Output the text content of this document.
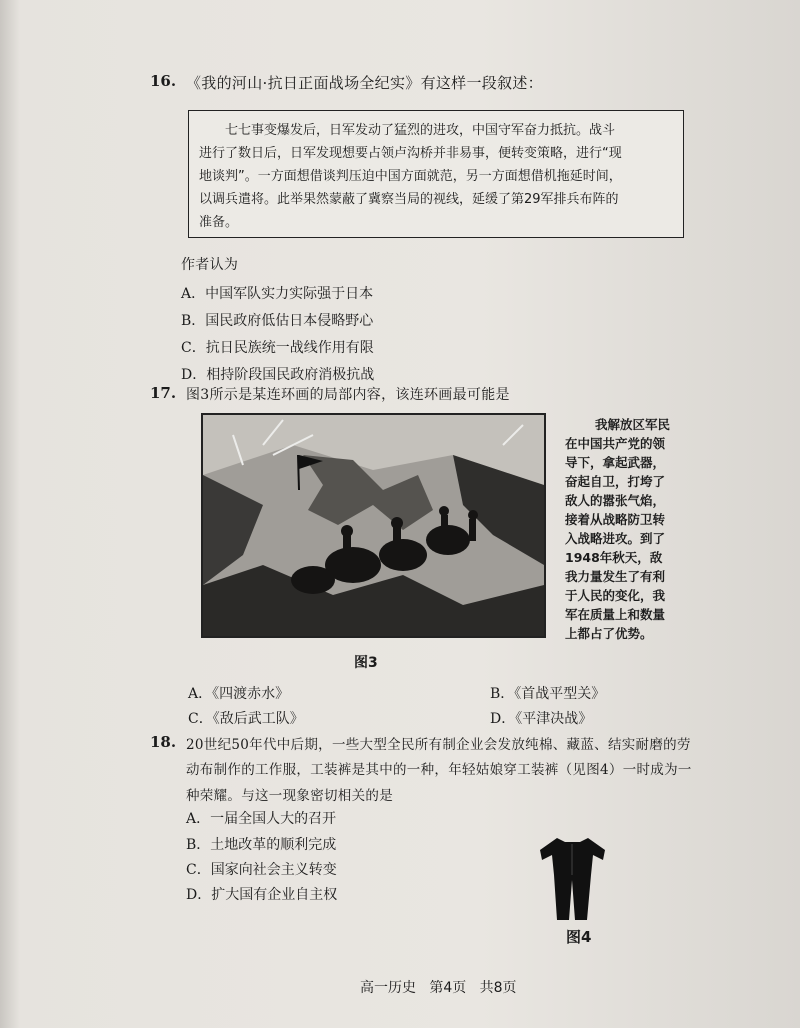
16. 《我的河山·抗日正面战场全纪实》有这样一段叙述：

七七事变爆发后，日军发动了猛烈的进攻，中国守军奋力抵抗。战斗

进行了数日后，日军发现想要占领卢沟桥并非易事，便转变策略，进行“现
地谈判”。一方面想借谈判压迫中国方面就范，另一方面想借机拖延时间，
以调兵遣将。此举果然蒙蔽了冀察当局的视线，延缓了第29军排兵布阵的
准备。
作者认为
A．中国军队实力实际强于日本
B．国民政府低估日本侵略野心
C．抗日民族统一战线作用有限
D．相持阶段国民政府消极抗战
17. 图3所示是某连环画的局部内容，该连环画最可能是
我解放区军民
在中国共产党的领
导下，拿起武器，
奋起自卫，打垮了
敌人的嚣张气焰，
接着从战略防卫转
入战略进攻。到了
1948年秋天，敌
我力量发生了有利
于人民的变化，我
军在质量上和数量
上都占了优势。
图3
A．《四渡赤水》	B．《首战平型关》
C．《敌后武工队》	D．《平津决战》
18. 20世纪50年代中后期，一些大型全民所有制企业会发放纯棉、藏蓝、结实耐磨的劳
动布制作的工作服，工装裤是其中的一种，年轻姑娘穿工装裤（见图4）一时成为一
种荣耀。与这一现象密切相关的是
A．一届全国人大的召开
B．土地改革的顺利完成
C．国家向社会主义转变
D．扩大国有企业自主权
图4
高一历史 第4页 共8页
